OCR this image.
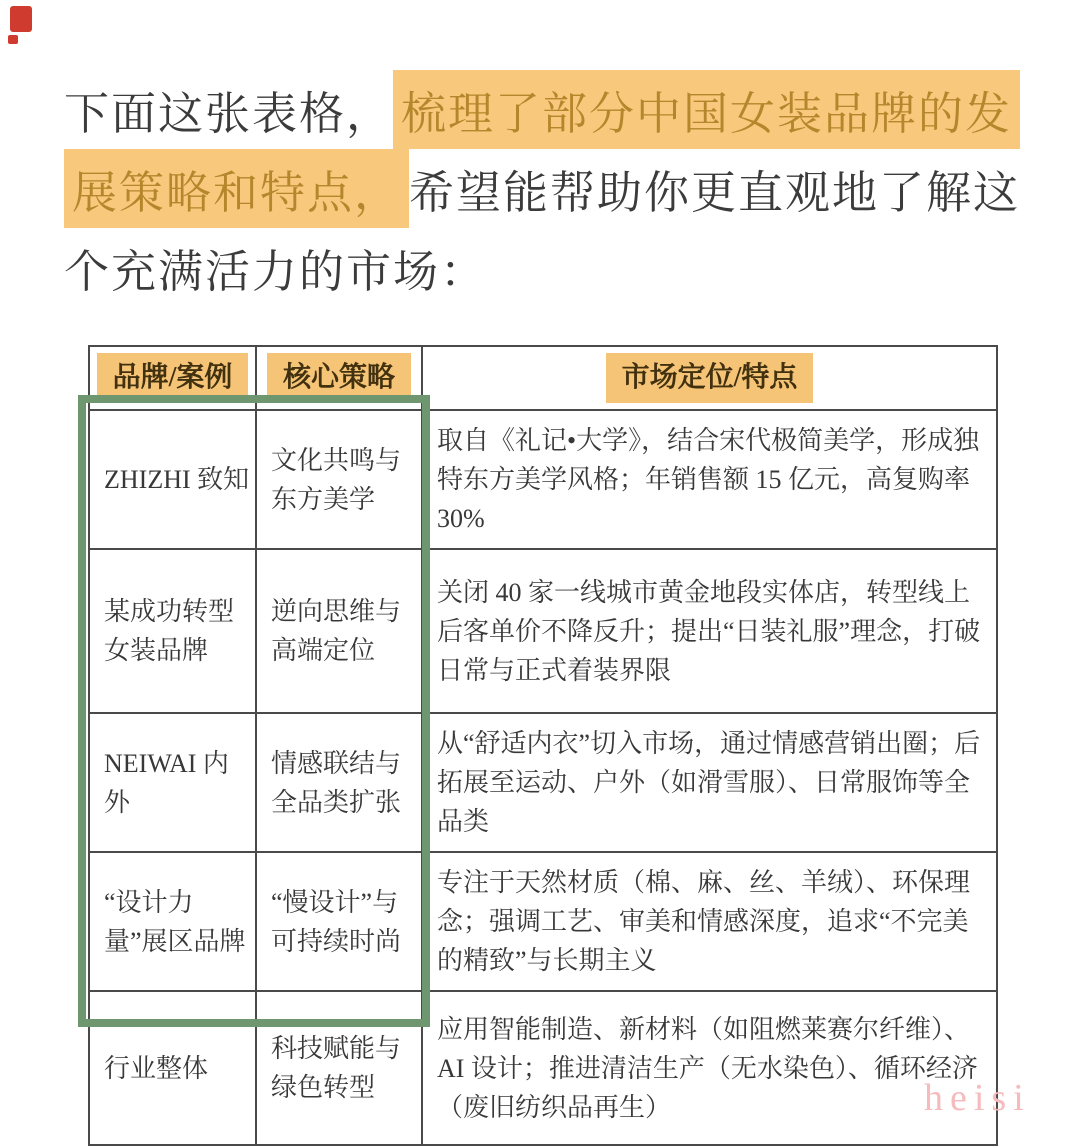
下面这张表格， 梳理了部分中国女装品牌的发
展策略和特点， 希望能帮助你更直观地了解这
个充满活力的市场：
品牌/案例	核心策略	市场定位/特点
ZHIZHI 致知	文化共鸣与东方美学	取自《礼记•大学》，结合宋代极简美学，形成独特东方美学风格；年销售额 15 亿元，高复购率 30%
某成功转型女装品牌	逆向思维与高端定位	关闭 40 家一线城市黄金地段实体店，转型线上后客单价不降反升；提出“日装礼服”理念，打破日常与正式着装界限
NEIWAI 内外	情感联结与全品类扩张	从“舒适内衣”切入市场，通过情感营销出圈；后拓展至运动、户外（如滑雪服）、日常服饰等全品类
“设计力量”展区品牌	“慢设计”与可持续时尚	专注于天然材质（棉、麻、丝、羊绒）、环保理念；强调工艺、审美和情感深度，追求“不完美的精致”与长期主义
行业整体	科技赋能与绿色转型	应用智能制造、新材料（如阻燃莱赛尔纤维）、AI 设计；推进清洁生产（无水染色）、循环经济（废旧纺织品再生）	heisi
